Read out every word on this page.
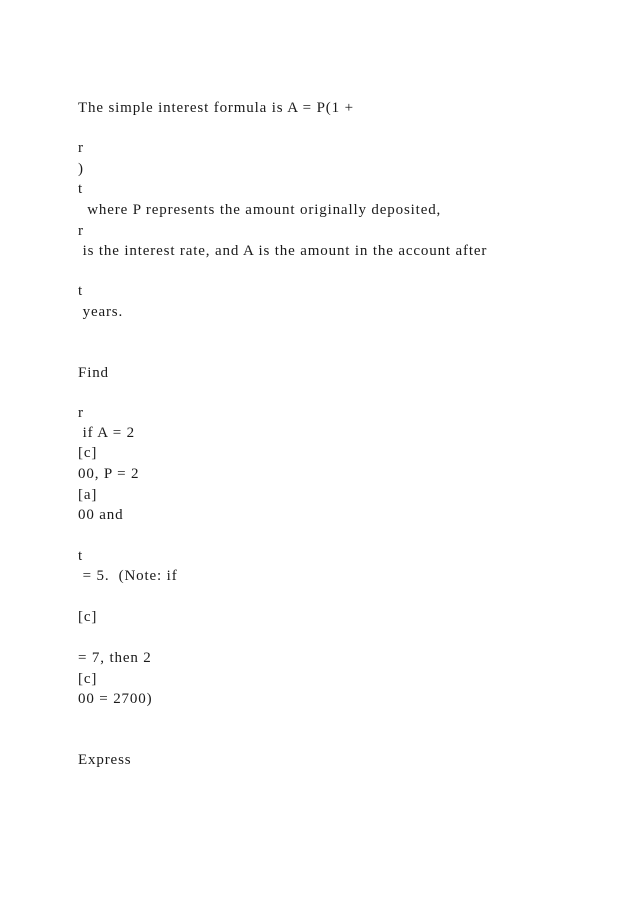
The simple interest formula is A = P(1 +
r
)
t
where P represents the amount originally deposited,
r
is the interest rate, and A is the amount in the account after
t
years.
Find
r
if A = 2
[c]
00, P = 2
[a]
00 and
t
= 5.  (Note: if
[c]
= 7, then 2
[c]
00 = 2700)
Express
